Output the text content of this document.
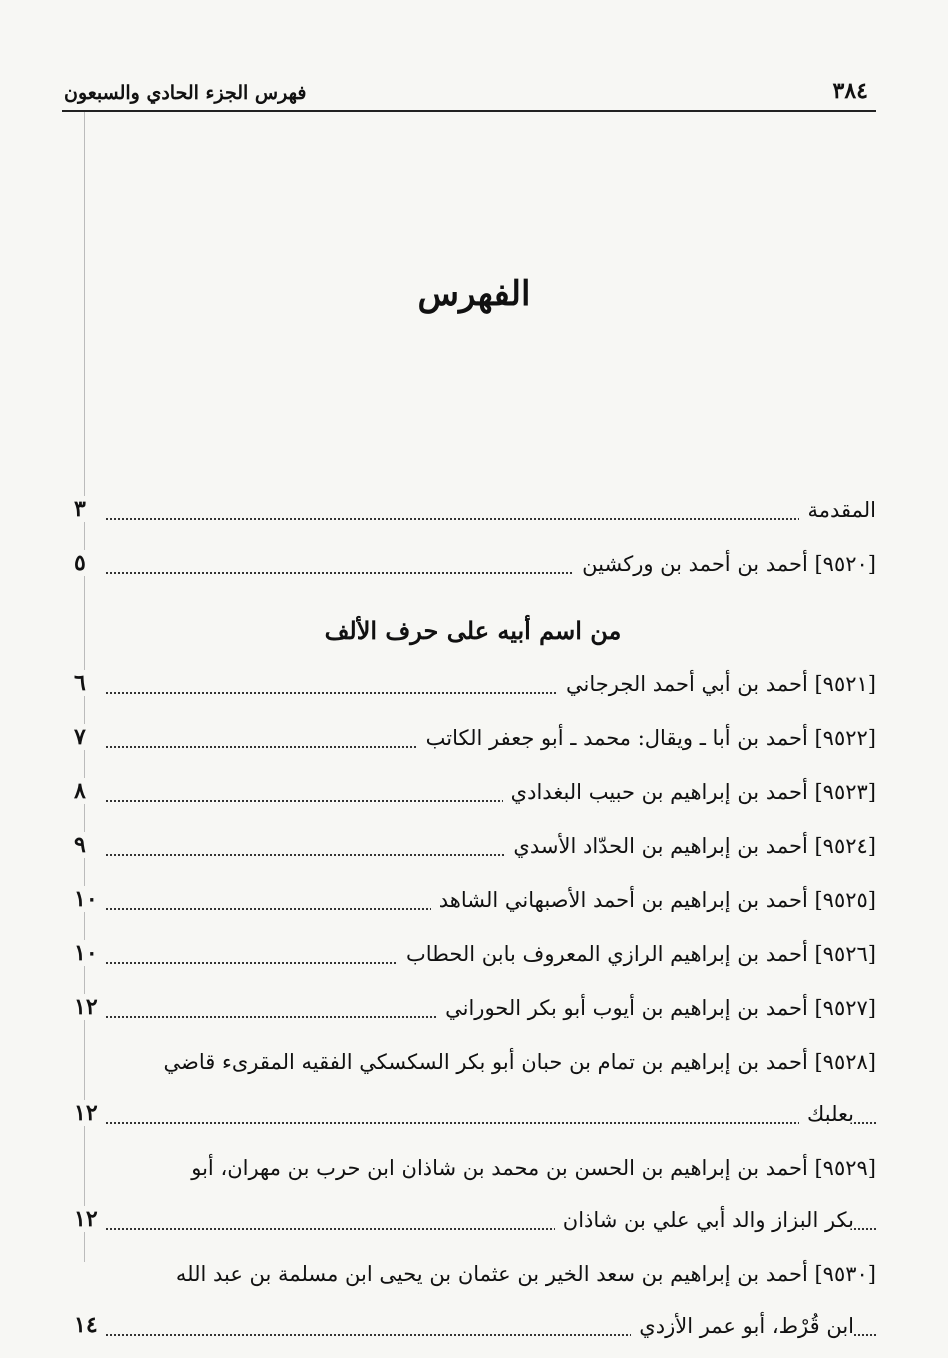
٣٨٤
فهرس الجزء الحادي والسبعون
الفهرس
المقدمة
٣
[٩٥٢٠] أحمد بن أحمد بن وركشين
٥
من اسم أبيه على حرف الألف
[٩٥٢١] أحمد بن أبي أحمد الجرجاني
٦
[٩٥٢٢] أحمد بن أبا ـ ويقال: محمد ـ أبو جعفر الكاتب
٧
[٩٥٢٣] أحمد بن إبراهيم بن حبيب البغدادي
٨
[٩٥٢٤] أحمد بن إبراهيم بن الحدّاد الأسدي
٩
[٩٥٢٥] أحمد بن إبراهيم بن أحمد الأصبهاني الشاهد
١٠
[٩٥٢٦] أحمد بن إبراهيم الرازي المعروف بابن الحطاب
١٠
[٩٥٢٧] أحمد بن إبراهيم بن أيوب أبو بكر الحوراني
١٢
[٩٥٢٨] أحمد بن إبراهيم بن تمام بن حبان أبو بكر السكسكي الفقيه المقرىء قاضي
بعلبك
١٢
[٩٥٢٩] أحمد بن إبراهيم بن الحسن بن محمد بن شاذان ابن حرب بن مهران، أبو
بكر البزاز والد أبي علي بن شاذان
١٢
[٩٥٣٠] أحمد بن إبراهيم بن سعد الخير بن عثمان بن يحيى ابن مسلمة بن عبد الله
ابن قُرْط، أبو عمر الأزدي
١٤
